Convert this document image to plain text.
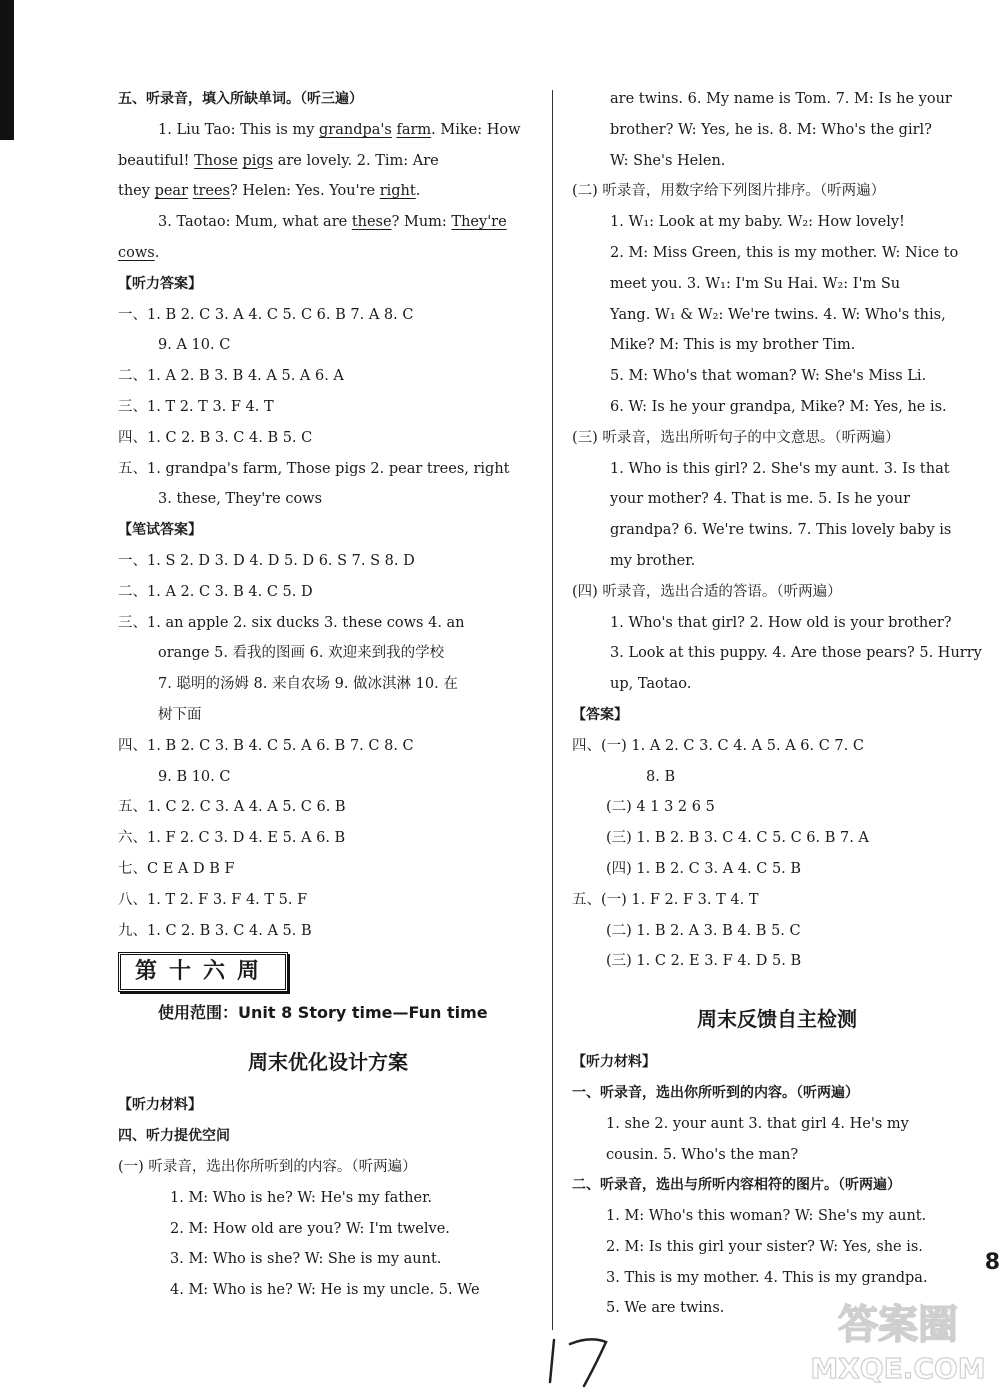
五、听录音，填入所缺单词。（听三遍）
1. Liu Tao: This is my grandpa's farm. Mike: How
beautiful! Those pigs are lovely. 2. Tim: Are
they pear trees? Helen: Yes. You're right.
3. Taotao: Mum, what are these? Mum: They're
cows.
【听力答案】
一、1. B 2. C 3. A 4. C 5. C 6. B 7. A 8. C
9. A 10. C
二、1. A 2. B 3. B 4. A 5. A 6. A
三、1. T 2. T 3. F 4. T
四、1. C 2. B 3. C 4. B 5. C
五、1. grandpa's farm, Those pigs 2. pear trees, right
3. these, They're cows
【笔试答案】
一、1. S 2. D 3. D 4. D 5. D 6. S 7. S 8. D
二、1. A 2. C 3. B 4. C 5. D
三、1. an apple 2. six ducks 3. these cows 4. an
orange 5. 看我的图画 6. 欢迎来到我的学校
7. 聪明的汤姆 8. 来自农场 9. 做冰淇淋 10. 在
树下面
四、1. B 2. C 3. B 4. C 5. A 6. B 7. C 8. C
9. B 10. C
五、1. C 2. C 3. A 4. A 5. C 6. B
六、1. F 2. C 3. D 4. E 5. A 6. B
七、C E A D B F
八、1. T 2. F 3. F 4. T 5. F
九、1. C 2. B 3. C 4. A 5. B
第十六周
使用范围：Unit 8 Story time—Fun time
周末优化设计方案
【听力材料】
四、听力提优空间
(一) 听录音，选出你所听到的内容。（听两遍）
1. M: Who is he? W: He's my father.
2. M: How old are you? W: I'm twelve.
3. M: Who is she? W: She is my aunt.
4. M: Who is he? W: He is my uncle. 5. We
are twins. 6. My name is Tom. 7. M: Is he your
brother? W: Yes, he is. 8. M: Who's the girl?
W: She's Helen.
(二) 听录音，用数字给下列图片排序。（听两遍）
1. W₁: Look at my baby. W₂: How lovely!
2. M: Miss Green, this is my mother. W: Nice to
meet you. 3. W₁: I'm Su Hai. W₂: I'm Su
Yang. W₁ & W₂: We're twins. 4. W: Who's this,
Mike? M: This is my brother Tim.
5. M: Who's that woman? W: She's Miss Li.
6. W: Is he your grandpa, Mike? M: Yes, he is.
(三) 听录音，选出所听句子的中文意思。（听两遍）
1. Who is this girl? 2. She's my aunt. 3. Is that
your mother? 4. That is me. 5. Is he your
grandpa? 6. We're twins. 7. This lovely baby is
my brother.
(四) 听录音，选出合适的答语。（听两遍）
1. Who's that girl? 2. How old is your brother?
3. Look at this puppy. 4. Are those pears? 5. Hurry
up, Taotao.
【答案】
四、(一) 1. A 2. C 3. C 4. A 5. A 6. C 7. C
8. B
(二) 4 1 3 2 6 5
(三) 1. B 2. B 3. C 4. C 5. C 6. B 7. A
(四) 1. B 2. C 3. A 4. C 5. B
五、(一) 1. F 2. F 3. T 4. T
(二) 1. B 2. A 3. B 4. B 5. C
(三) 1. C 2. E 3. F 4. D 5. B
周末反馈自主检测
【听力材料】
一、听录音，选出你所听到的内容。（听两遍）
1. she 2. your aunt 3. that girl 4. He's my
cousin. 5. Who's the man?
二、听录音，选出与所听内容相符的图片。（听两遍）
1. M: Who's this woman? W: She's my aunt.
2. M: Is this girl your sister? W: Yes, she is.
3. This is my mother. 4. This is my grandpa.
5. We are twins.
8
答案圈
MXQE.COM
